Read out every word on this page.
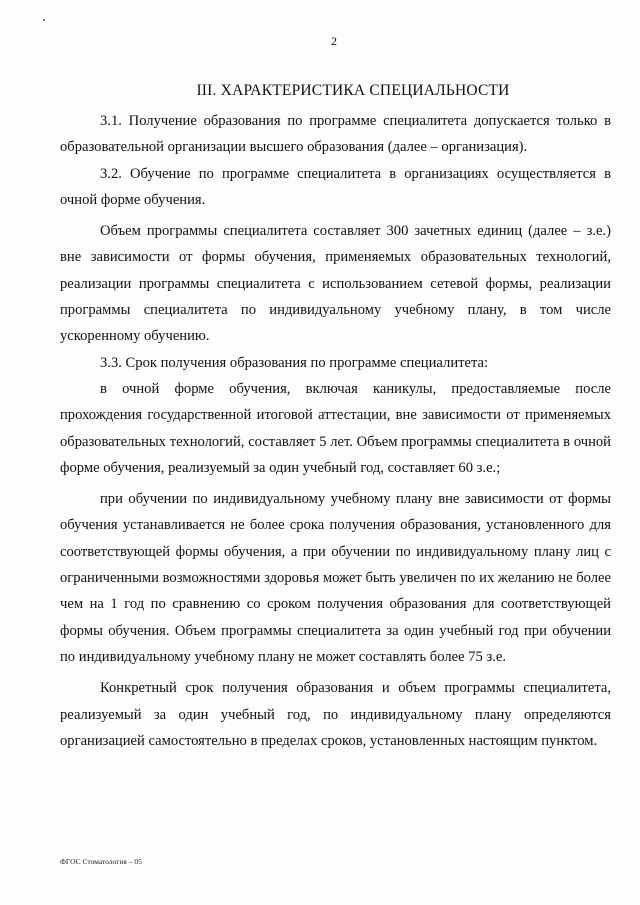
2
III. ХАРАКТЕРИСТИКА СПЕЦИАЛЬНОСТИ

3.1. Получение образования по программе специалитета допускается только в образовательной организации высшего образования (далее – организация).

3.2. Обучение по программе специалитета в организациях осуществляется в очной форме обучения.

Объем программы специалитета составляет 300 зачетных единиц (далее – з.е.) вне зависимости от формы обучения, применяемых образовательных технологий, реализации программы специалитета с использованием сетевой формы, реализации программы специалитета по индивидуальному учебному плану, в том числе ускоренному обучению.

3.3. Срок получения образования по программе специалитета:

в очной форме обучения, включая каникулы, предоставляемые после прохождения государственной итоговой аттестации, вне зависимости от применяемых образовательных технологий, составляет 5 лет. Объем программы специалитета в очной форме обучения, реализуемый за один учебный год, составляет 60 з.е.;

при обучении по индивидуальному учебному плану вне зависимости от формы обучения устанавливается не более срока получения образования, установленного для соответствующей формы обучения, а при обучении по индивидуальному плану лиц с ограниченными возможностями здоровья может быть увеличен по их желанию не более чем на 1 год по сравнению со сроком получения образования для соответствующей формы обучения. Объем программы специалитета за один учебный год при обучении по индивидуальному учебному плану не может составлять более 75 з.е.

Конкретный срок получения образования и объем программы специалитета, реализуемый за один учебный год, по индивидуальному плану определяются организацией самостоятельно в пределах сроков, установленных настоящим пунктом.

ФГОС Стоматология – 05
